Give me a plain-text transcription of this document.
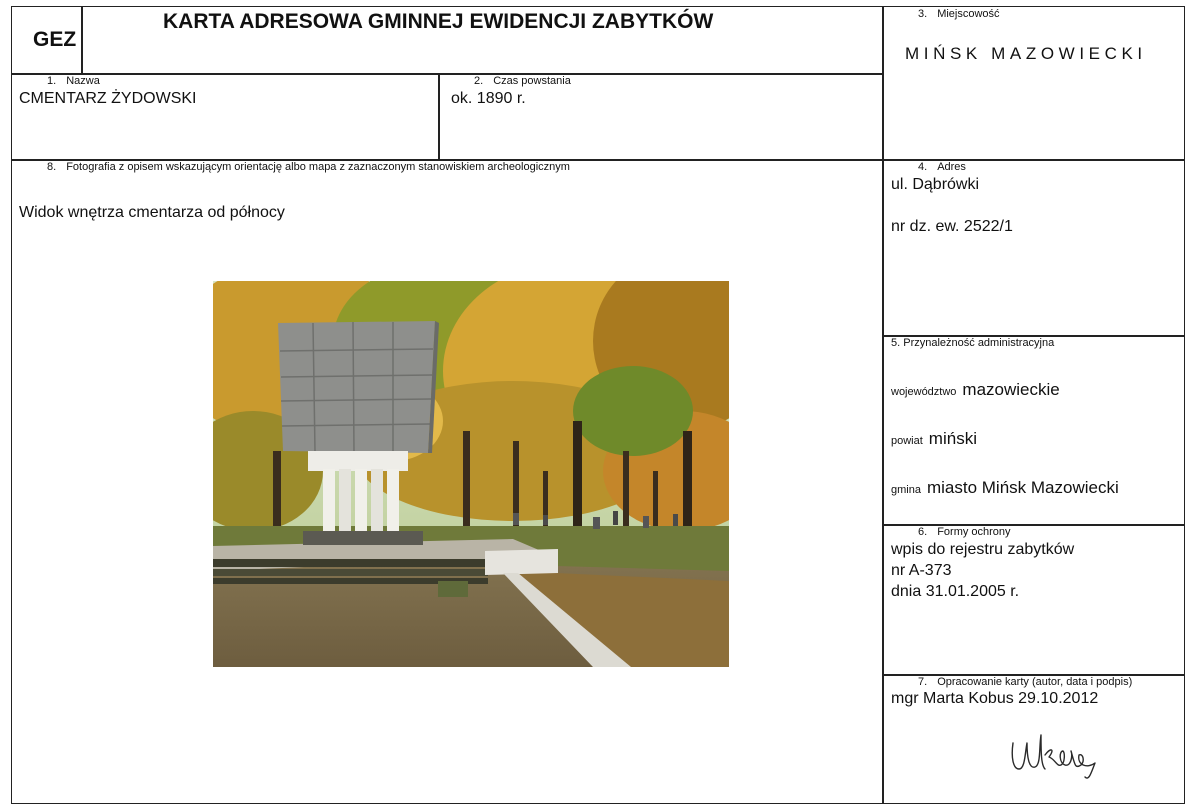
GEZ
KARTA ADRESOWA GMINNEJ EWIDENCJI ZABYTKÓW	3. Miejscowość
MIŃSK MAZOWIECKI
1. Nazwa
CMENTARZ ŻYDOWSKI
2. Czas powstania
ok. 1890 r.
8. Fotografia z opisem wskazującym orientację albo mapa z zaznaczonym stanowiskiem archeologicznym
Widok wnętrza cmentarza od północy
4. Adres
ul. Dąbrówki
nr dz. ew. 2522/1
5. Przynależność administracyjna
województwo mazowieckie
powiat miński
gmina miasto Mińsk Mazowiecki
6. Formy ochrony
wpis do rejestru zabytków
nr A-373
dnia 31.01.2005 r.
7. Opracowanie karty (autor, data i podpis)
mgr Marta Kobus 29.10.2012
